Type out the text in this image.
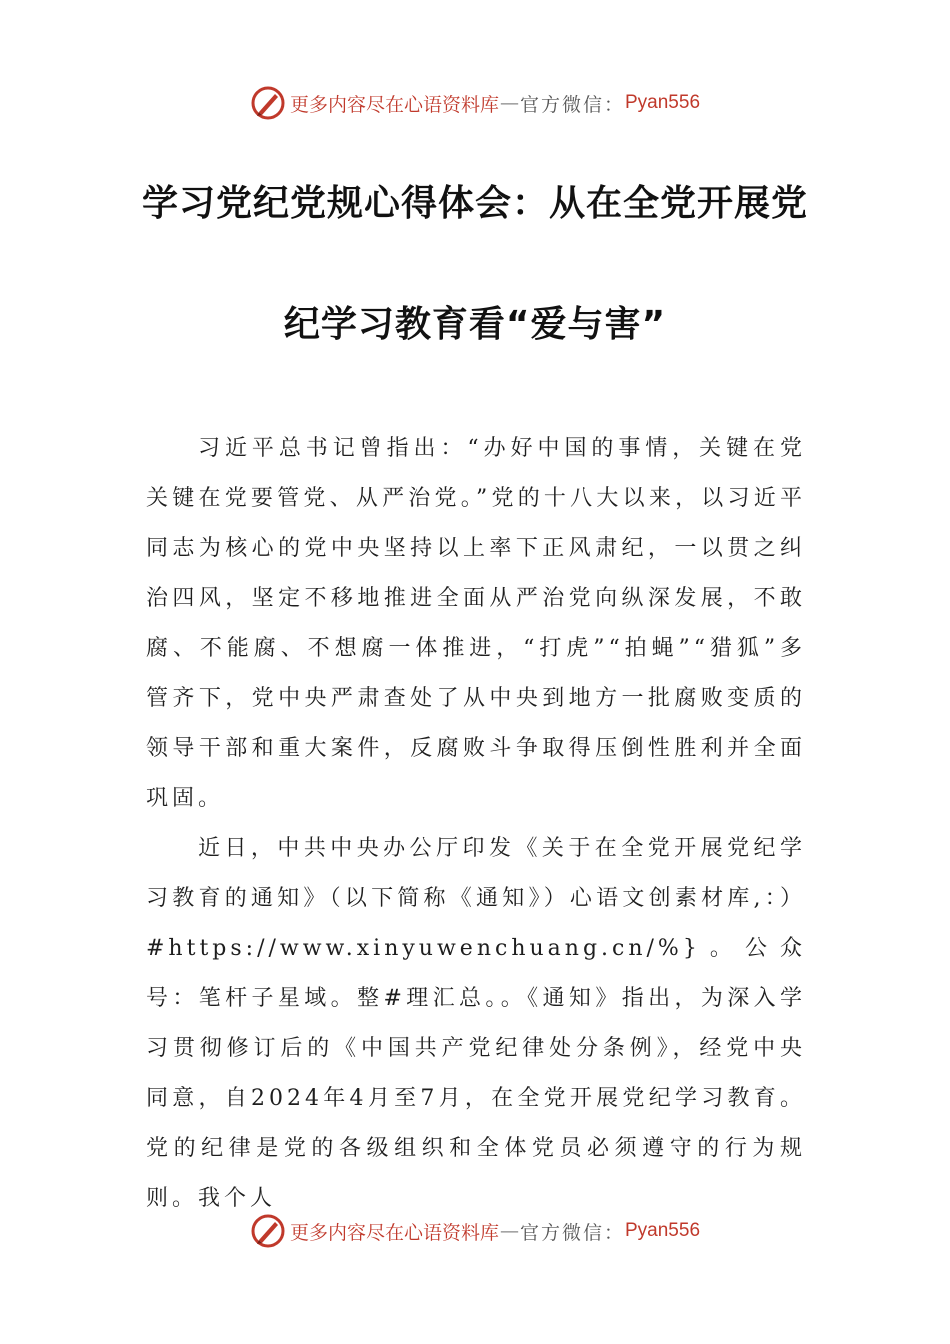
更多内容尽在心语资料库 — 官方微信： Pyan556
学习党纪党规心得体会：从在全党开展党
纪学习教育看“爱与害”

习近平总书记曾指出：“办好中国的事情，关键在党关键在党要管党、从严治党。”党的十八大以来，以习近平同志为核心的党中央坚持以上率下正风肃纪，一以贯之纠治四风，坚定不移地推进全面从严治党向纵深发展，不敢腐、不能腐、不想腐一体推进，“打虎”“拍蝇”“猎狐”多管齐下，党中央严肃查处了从中央到地方一批腐败变质的领导干部和重大案件，反腐败斗争取得压倒性胜利并全面巩固。

近日，中共中央办公厅印发《关于在全党开展党纪学习教育的通知》（以下简称《通知》）心语文创素材库,：）#https://www.xinyuwenchuang.cn/%}。公众号：笔杆子星域。整#理汇总。。《通知》指出，为深入学习贯彻修订后的《中国共产党纪律处分条例》，经党中央同意，自2024年4月至7月，在全党开展党纪学习教育。党的纪律是党的各级组织和全体党员必须遵守的行为规则。我个人

更多内容尽在心语资料库 — 官方微信： Pyan556
